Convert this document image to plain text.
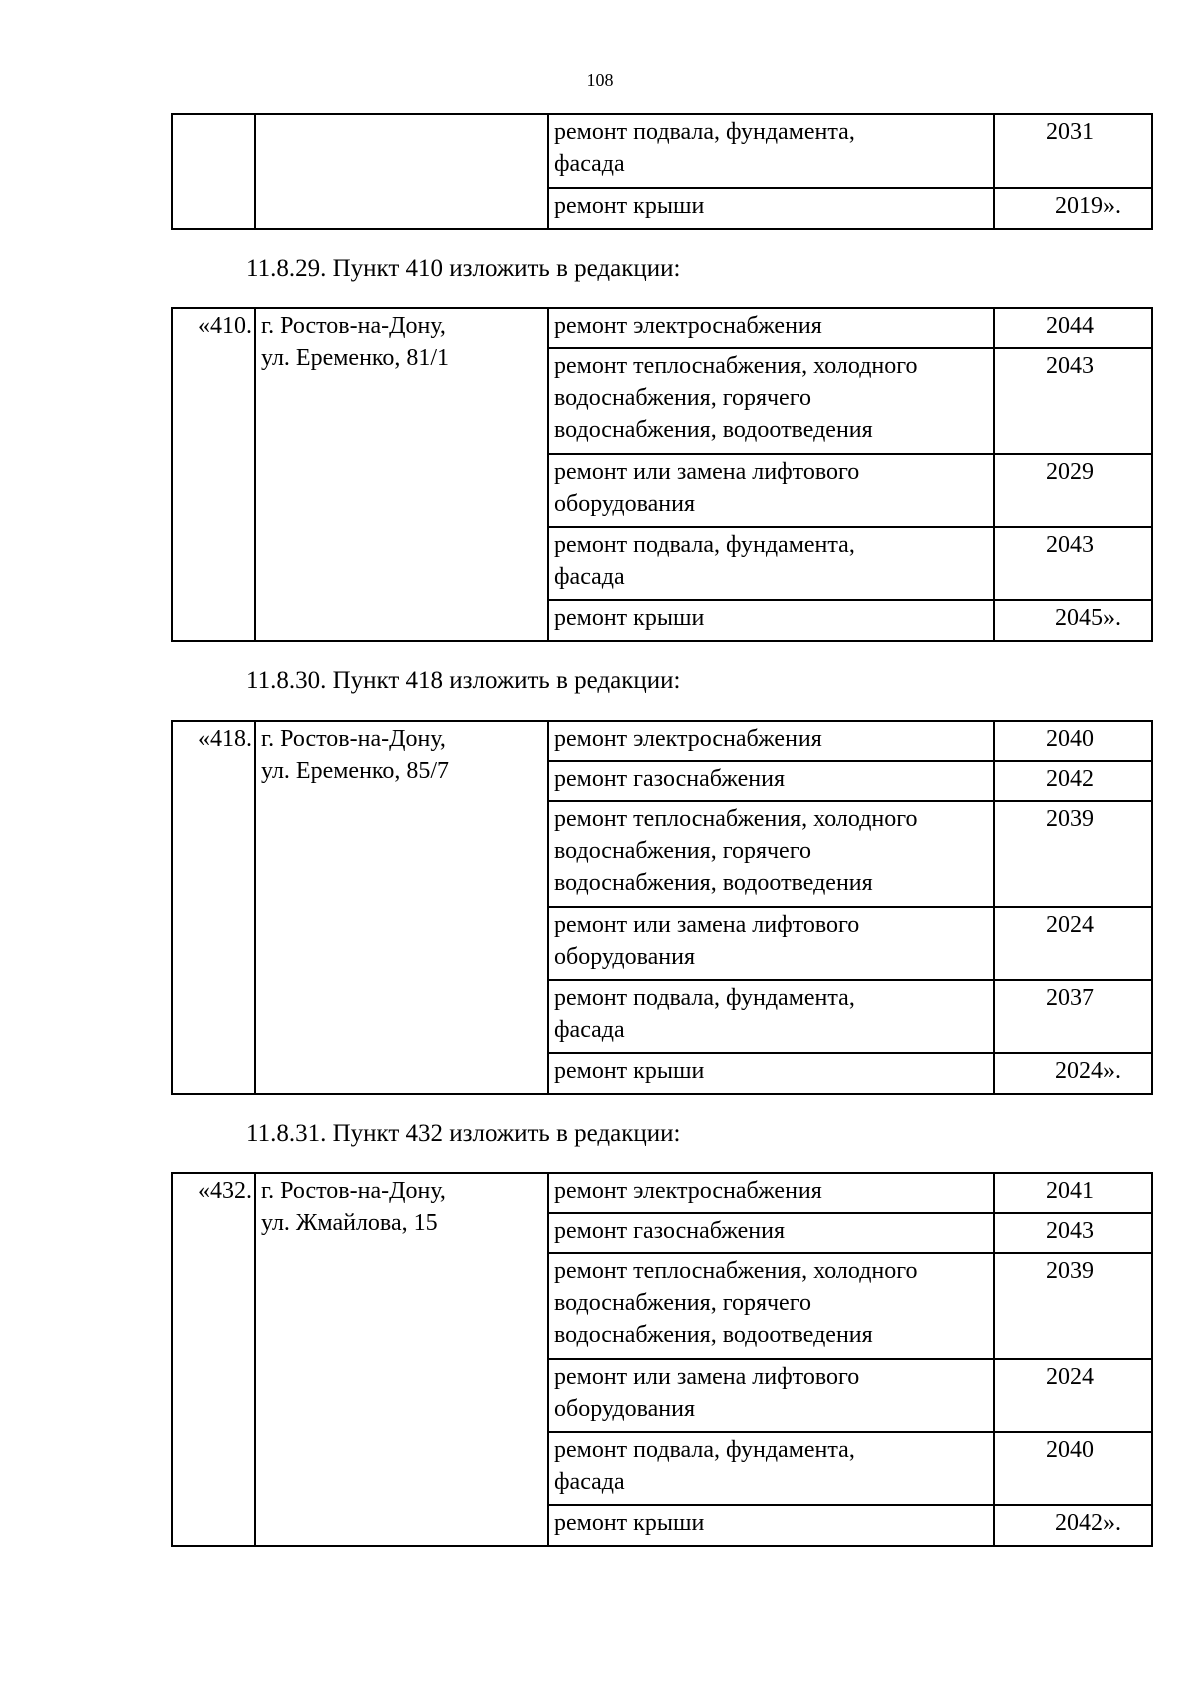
108
		ремонт подвала, фундамента,
фасада	2031
		ремонт крыши	2019».
11.8.29. Пункт 410 изложить в редакции:
«410.	г. Ростов-на-Дону,
ул. Еременко, 81/1	ремонт электроснабжения	2044
		ремонт теплоснабжения, холодного
водоснабжения, горячего
водоснабжения, водоотведения	2043
		ремонт или замена лифтового
оборудования	2029
		ремонт подвала, фундамента,
фасада	2043
		ремонт крыши	2045».
11.8.30. Пункт 418 изложить в редакции:
«418.	г. Ростов-на-Дону,
ул. Еременко, 85/7	ремонт электроснабжения	2040
		ремонт газоснабжения	2042
		ремонт теплоснабжения, холодного
водоснабжения, горячего
водоснабжения, водоотведения	2039
		ремонт или замена лифтового
оборудования	2024
		ремонт подвала, фундамента,
фасада	2037
		ремонт крыши	2024».
11.8.31. Пункт 432 изложить в редакции:
«432.	г. Ростов-на-Дону,
ул. Жмайлова, 15	ремонт электроснабжения	2041
		ремонт газоснабжения	2043
		ремонт теплоснабжения, холодного
водоснабжения, горячего
водоснабжения, водоотведения	2039
		ремонт или замена лифтового
оборудования	2024
		ремонт подвала, фундамента,
фасада	2040
		ремонт крыши	2042».
